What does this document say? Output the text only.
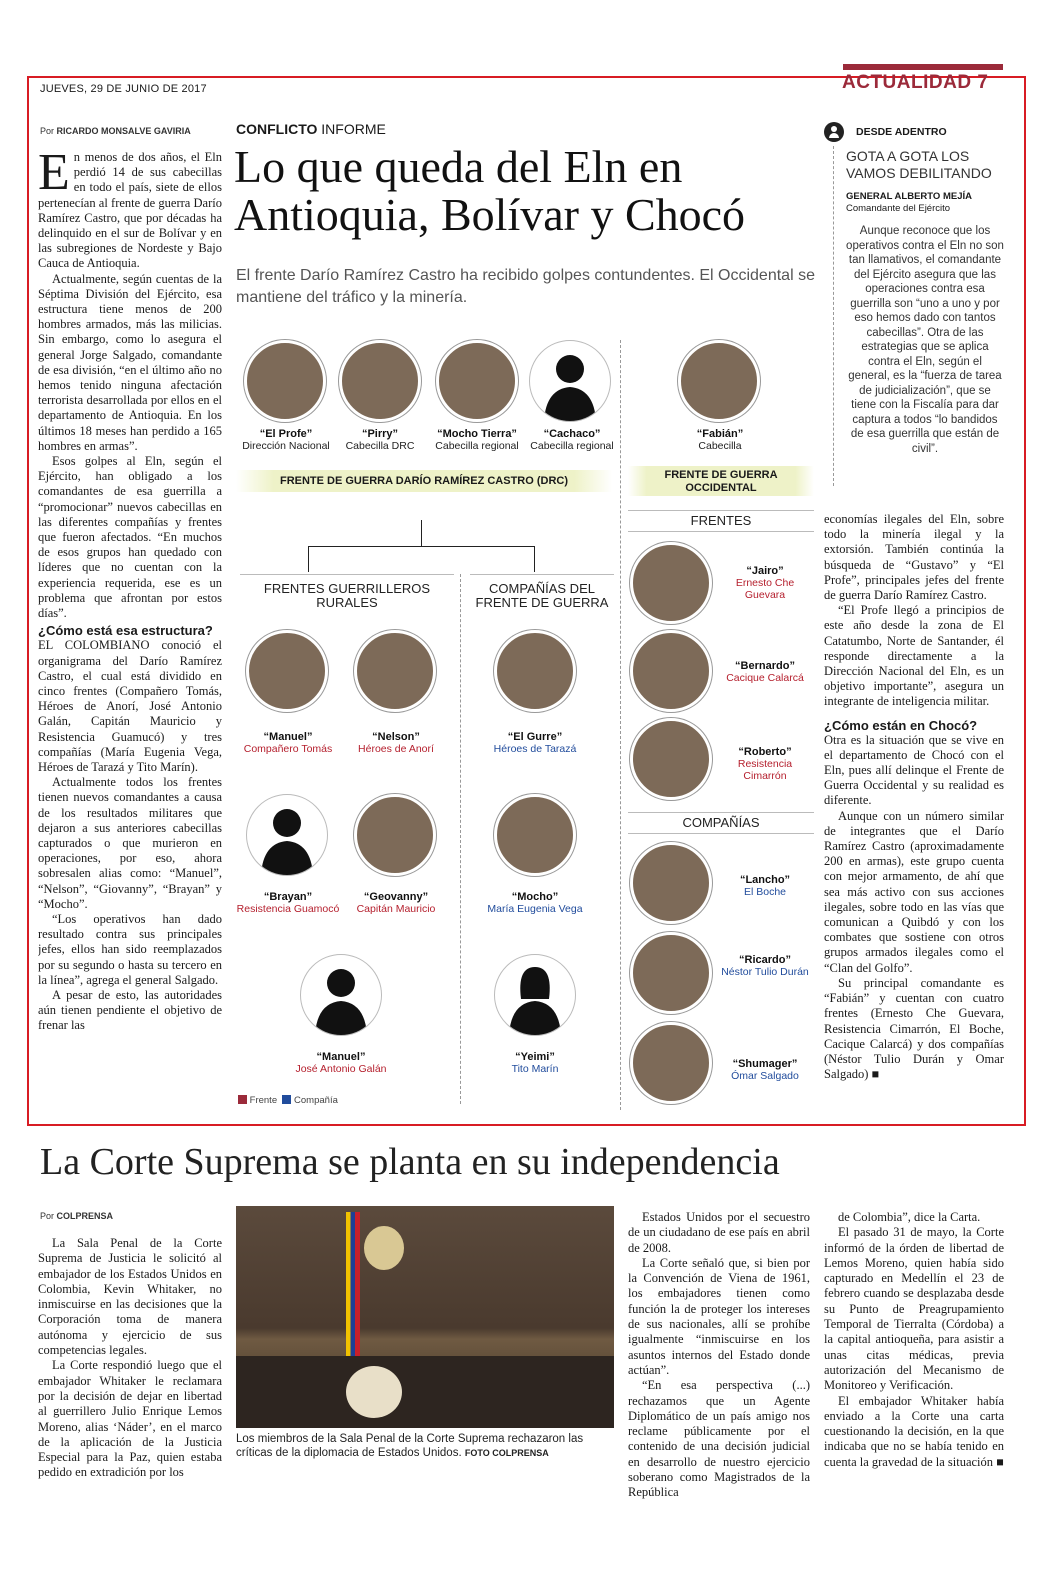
JUEVES, 29 DE JUNIO DE 2017	ACTUALIDAD 7
Por RICARDO MONSALVE GAVIRIA

En menos de dos años, el Eln perdió 14 de sus cabecillas en todo el país, siete de ellos pertenecían al frente de guerra Darío Ramírez Castro, que por décadas ha delinquido en el sur de Bolívar y en las subregiones de Nordeste y Bajo Cauca de Antioquia.

Actualmente, según cuentas de la Séptima División del Ejército, esa estructura tiene menos de 200 hombres armados, más las milicias. Sin embargo, como lo asegura el general Jorge Salgado, comandante de esa división, “en el último año no hemos tenido ninguna afectación terrorista desarrollada por ellos en el departamento de Antioquia. En los últimos 18 meses han perdido a 165 hombres en armas”.

Esos golpes al Eln, según el Ejército, han obligado a los comandantes de esa guerrilla a “promocionar” nuevos cabecillas en las diferentes compañías y frentes que fueron afectados. “En muchos de esos grupos han quedado con líderes que no cuentan con la experiencia requerida, ese es un problema que afrontan por estos días”.

¿Cómo está esa estructura?

EL COLOMBIANO conoció el organigrama del Darío Ramírez Castro, el cual está dividido en cinco frentes (Compañero Tomás, Héroes de Anorí, José Antonio Galán, Capitán Mauricio y Resistencia Guamucó) y tres compañías (María Eugenia Vega, Héroes de Tarazá y Tito Marín).

Actualmente todos los frentes tienen nuevos comandantes a causa de los resultados militares que dejaron a sus anteriores cabecillas capturados o que murieron en operaciones, por eso, ahora sobresalen alias como: “Manuel”, “Nelson”, “Giovanny”, “Brayan” y “Mocho”.

“Los operativos han dado resultado contra sus principales jefes, ellos han sido reemplazados por su segundo o hasta su tercero en la línea”, agrega el general Salgado.

A pesar de esto, las autoridades aún tienen pendiente el objetivo de frenar las

CONFLICTO INFORME
Lo que queda del Eln en Antioquia, Bolívar y Chocó
El frente Darío Ramírez Castro ha recibido golpes contundentes. El Occidental se mantiene del tráfico y la minería.
DESDE ADENTRO
GOTA A GOTA LOS VAMOS DEBILITANDO
GENERAL ALBERTO MEJÍA
Comandante del Ejército
Aunque reconoce que los operativos contra el Eln no son tan llamativos, el comandante del Ejército asegura que las operaciones contra esa guerrilla son “uno a uno y por eso hemos dado con tantos cabecillas”. Otra de las estrategias que se aplica contra el Eln, según el general, es la “fuerza de tarea de judicialización”, que se tiene con la Fiscalía para dar captura a todos “lo bandidos de esa guerrilla que están de civil”.

economías ilegales del Eln, sobre todo la minería ilegal y la extorsión. También continúa la búsqueda de “Gustavo” y “El Profe”, principales jefes del frente de guerra Darío Ramírez Castro.

“El Profe llegó a principios de este año desde la zona de El Catatumbo, Norte de Santander, él responde directamente a la Dirección Nacional del Eln, es un objetivo importante”, asegura un integrante de inteligencia militar.

¿Cómo están en Chocó?

Otra es la situación que se vive en el departamento de Chocó con el Eln, pues allí delinque el Frente de Guerra Occidental y su realidad es diferente.

Aunque con un número similar de integrantes que el Darío Ramírez Castro (aproximadamente 200 en armas), este grupo cuenta con mejor armamento, de ahí que sea más activo con sus acciones ilegales, sobre todo en las vías que comunican a Quibdó y con los combates que sostiene con otros grupos armados ilegales como el “Clan del Golfo”.

Su principal comandante es “Fabián” y cuentan con cuatro frentes (Ernesto Che Guevara, Resistencia Cimarrón, El Boche, Cacique Calarcá) y dos compañías (Néstor Tulio Durán y Omar Salgado) ■

“El Profe”
Dirección Nacional
“Pirry”
Cabecilla DRC
“Mocho Tierra”
Cabecilla regional
“Cachaco”
Cabecilla regional
“Fabián”
Cabecilla
FRENTE DE GUERRA DARÍO RAMÍREZ CASTRO (DRC)	FRENTE DE GUERRA OCCIDENTAL
FRENTES GUERRILLEROS RURALES
COMPAÑÍAS DEL FRENTE DE GUERRA
“Manuel”
Compañero Tomás
“Nelson”
Héroes de Anorí
“Brayan”
Resistencia Guamocó
“Geovanny”
Capitán Mauricio
“Manuel”
José Antonio Galán
“El Gurre”
Héroes de Tarazá
“Mocho”
María Eugenia Vega
“Yeimi”
Tito Marín
FRENTES
“Jairo”
Ernesto Che Guevara
“Bernardo”
Cacique Calarcá
“Roberto”
Resistencia Cimarrón
COMPAÑÍAS
“Lancho”
El Boche
“Ricardo”
Néstor Tulio Durán
“Shumager”
Ómar Salgado
Frente Compañía
La Corte Suprema se planta en su independencia
Por COLPRENSA

La Sala Penal de la Corte Suprema de Justicia le solicitó al embajador de los Estados Unidos en Colombia, Kevin Whitaker, no inmiscuirse en las decisiones que la Corporación toma de manera autónoma y ejercicio de sus competencias legales.

La Corte respondió luego que el embajador Whitaker le reclamara por la decisión de dejar en libertad al guerrillero Julio Enrique Lemos Moreno, alias ‘Náder’, en el marco de la aplicación de la Justicia Especial para la Paz, quien estaba pedido en extradición por los

Los miembros de la Sala Penal de la Corte Suprema rechazaron las críticas de la diplomacia de Estados Unidos. FOTO COLPRENSA

Estados Unidos por el secuestro de un ciudadano de ese país en abril de 2008.

La Corte señaló que, si bien por la Convención de Viena de 1961, los embajadores tienen como función la de proteger los intereses de sus nacionales, allí se prohíbe igualmente “inmiscuirse en los asuntos internos del Estado donde actúan”.

“En esa perspectiva (...) rechazamos que un Agente Diplomático de un país amigo nos reclame públicamente por el contenido de una decisión judicial en desarrollo de nuestro ejercicio soberano como Magistrados de la República

de Colombia”, dice la Carta.

El pasado 31 de mayo, la Corte informó de la órden de libertad de Lemos Moreno, quien había sido capturado en Medellín el 23 de febrero cuando se desplazaba desde su Punto de Preagrupamiento Temporal de Tierralta (Córdoba) a la capital antioqueña, para asistir a unas citas médicas, previa autorización del Mecanismo de Monitoreo y Verificación.

El embajador Whitaker había enviado a la Corte una carta cuestionando la decisión, en la que indicaba que no se había tenido en cuenta la gravedad de la situación ■
